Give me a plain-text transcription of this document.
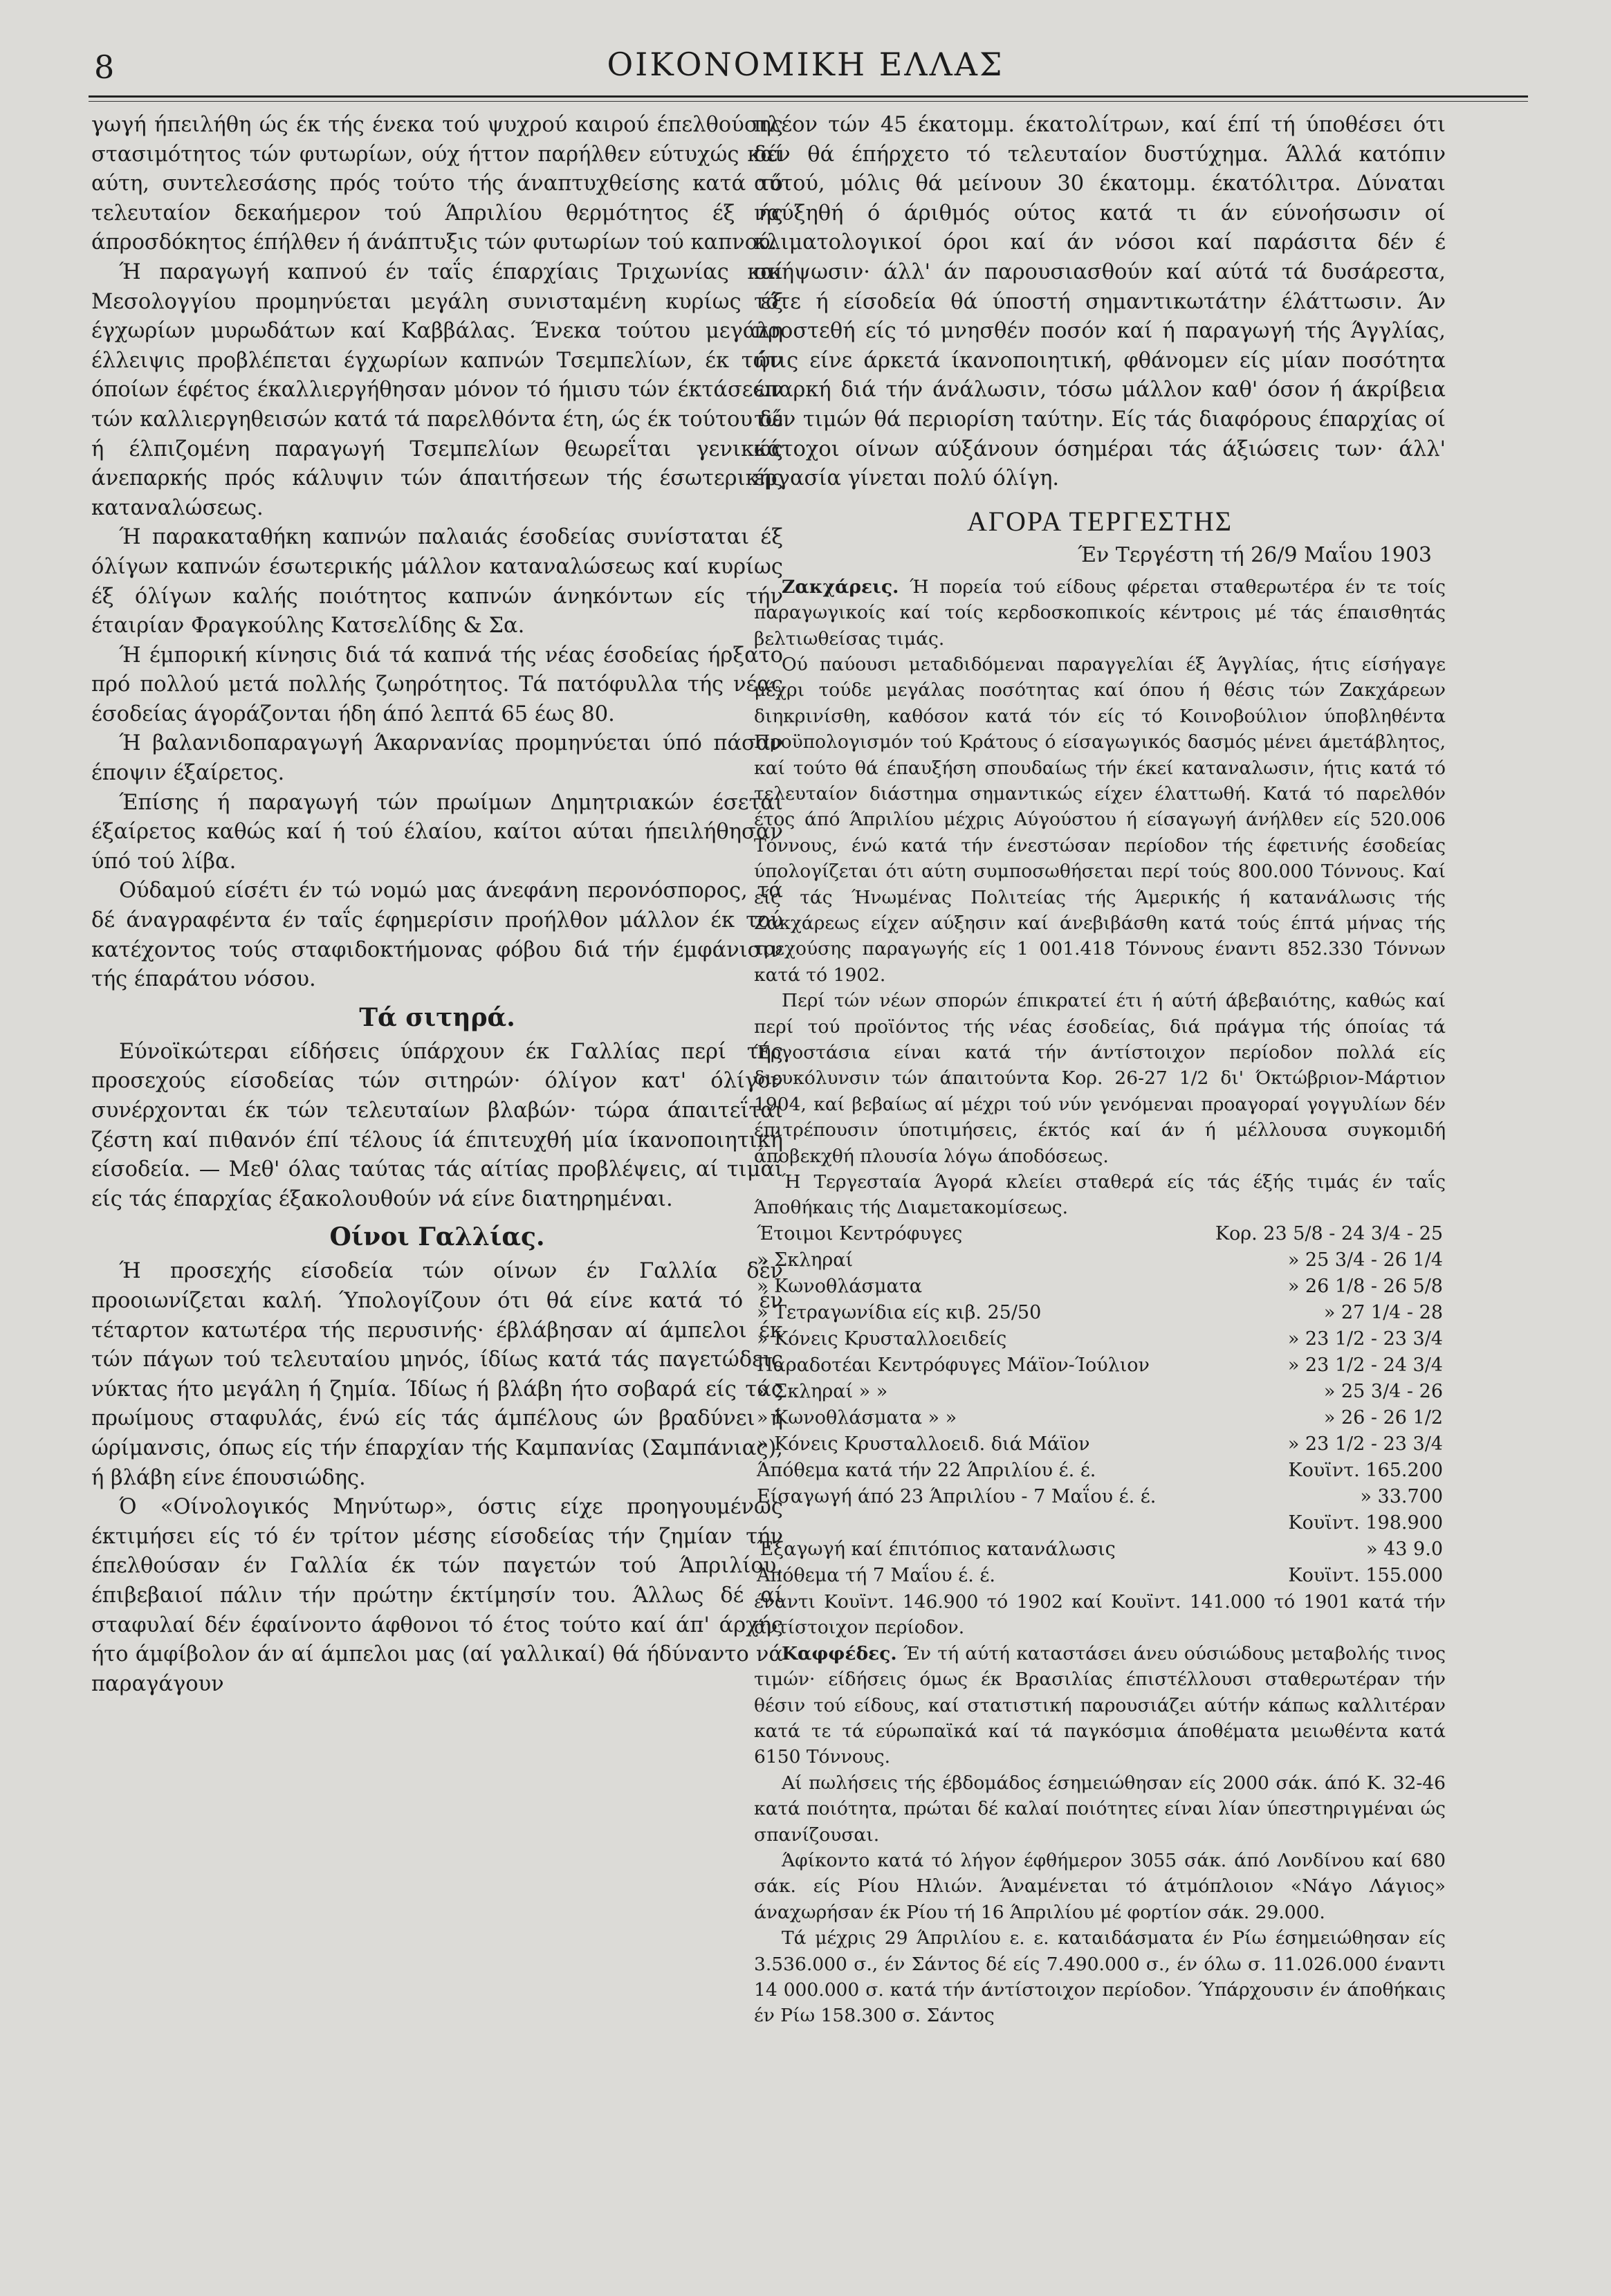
8	ΟΙΚΟΝΟΜΙΚΗ ΕΛΛΑΣ

γωγή ήπειλήθη ώς έκ τής ένεκα τού ψυχρού καιρού έπελθούσης στασιμότητος τών φυτωρίων, ούχ ήττον παρήλθεν εύτυχώς καί αύτη, συντελεσάσης πρός τούτο τής άναπτυχθείσης κατά τό τελευταίον δεκαήμερον τού Άπριλίου θερμότητος έξ ής άπροσδόκητος έπήλθεν ή άνάπτυξις τών φυτωρίων τού καπνού.

Ή παραγωγή καπνού έν ταΐς έπαρχίαις Τριχωνίας καί Μεσολογγίου προμηνύεται μεγάλη συνισταμένη κυρίως έξ έγχωρίων μυρωδάτων καί Καββάλας. Ένεκα τούτου μεγάλη έλλειψις προβλέπεται έγχωρίων καπνών Τσεμπελίων, έκ τών όποίων έφέτος έκαλλιεργήθησαν μόνον τό ήμισυ τών έκτάσεων τών καλλιεργηθεισών κατά τά παρελθόντα έτη, ώς έκ τούτου δέ ή έλπιζομένη παραγωγή Τσεμπελίων θεωρεΐται γενικώς άνεπαρκής πρός κάλυψιν τών άπαιτήσεων τής έσωτερικής καταναλώσεως.

Ή παρακαταθήκη καπνών παλαιάς έσοδείας συνίσταται έξ όλίγων καπνών έσωτερικής μάλλον καταναλώσεως καί κυρίως έξ όλίγων καλής ποιότητος καπνών άνηκόντων είς τήν έταιρίαν Φραγκούλης Κατσελίδης & Σα.

Ή έμπορική κίνησις διά τά καπνά τής νέας έσοδείας ήρξατο πρό πολλού μετά πολλής ζωηρότητος. Τά πατόφυλλα τής νέας έσοδείας άγοράζονται ήδη άπό λεπτά 65 έως 80.

Ή βαλανιδοπαραγωγή Άκαρνανίας προμηνύεται ύπό πάσαν έποψιν έξαίρετος.

Έπίσης ή παραγωγή τών πρωίμων Δημητριακών έσεται έξαίρετος καθώς καί ή τού έλαίου, καίτοι αύται ήπειλήθησαν ύπό τού λίβα.

Ούδαμού είσέτι έν τώ νομώ μας άνεφάνη περονόσπορος, τά δέ άναγραφέντα έν ταΐς έφημερίσιν προήλθον μάλλον έκ τού κατέχοντος τούς σταφιδοκτήμονας φόβου διά τήν έμφάνισιν τής έπαράτου νόσου.

Τά σιτηρά.

Εύνοϊκώτεραι είδήσεις ύπάρχουν έκ Γαλλίας περί τής προσεχούς είσοδείας τών σιτηρών· όλίγον κατ' όλίγον συνέρχονται έκ τών τελευταίων βλαβών· τώρα άπαιτεΐται ζέστη καί πιθανόν έπί τέλους ίά έπιτευχθή μία ίκανοποιητική είσοδεία. — Μεθ' όλας ταύτας τάς αίτίας προβλέψεις, αί τιμαί είς τάς έπαρχίας έξακολουθούν νά είνε διατηρημέναι.

Οίνοι Γαλλίας.

Ή προσεχής είσοδεία τών οίνων έν Γαλλία δέν προοιωνίζεται καλή. Ύπολογίζουν ότι θά είνε κατά τό έν τέταρτον κατωτέρα τής περυσινής· έβλάβησαν αί άμπελοι έκ τών πάγων τού τελευταίου μηνός, ίδίως κατά τάς παγετώδεις νύκτας ήτο μεγάλη ή ζημία. Ίδίως ή βλάβη ήτο σοβαρά είς τάς πρωίμους σταφυλάς, ένώ είς τάς άμπέλους ών βραδύνει ή ώρίμανσις, όπως είς τήν έπαρχίαν τής Καμπανίας (Σαμπάνιας), ή βλάβη είνε έπουσιώδης.

Ό «Οίνολογικός Μηνύτωρ», όστις είχε προηγουμένως έκτιμήσει είς τό έν τρίτον μέσης είσοδείας τήν ζημίαν τήν έπελθούσαν έν Γαλλία έκ τών παγετών τού Άπριλίου, έπιβεβαιοί πάλιν τήν πρώτην έκτίμησίν του. Άλλως δέ αί σταφυλαί δέν έφαίνοντο άφθονοι τό έτος τούτο καί άπ' άρχής ήτο άμφίβολον άν αί άμπελοι μας (αί γαλλικαί) θά ήδύναντο νά παραγάγουν

πλέον τών 45 έκατομμ. έκατολίτρων, καί έπί τή ύποθέσει ότι δέν θά έπήρχετο τό τελευταίον δυστύχημα. Άλλά κατόπιν αύτού, μόλις θά μείνουν 30 έκατομμ. έκατόλιτρα. Δύναται ναύξηθή ό άριθμός ούτος κατά τι άν εύνοήσωσιν οί κλιματολογικοί όροι καί άν νόσοι καί παράσιτα δέν έ σκήψωσιν· άλλ' άν παρουσιασθούν καί αύτά τά δυσάρεστα, τότε ή είσοδεία θά ύποστή σημαντικωτάτην έλάττωσιν. Άν προστεθή είς τό μνησθέν ποσόν καί ή παραγωγή τής Άγγλίας, ήτις είνε άρκετά ίκανοποιητική, φθάνομεν είς μίαν ποσότητα έπαρκή διά τήν άνάλωσιν, τόσω μάλλον καθ' όσον ή άκρίβεια τών τιμών θά περιορίση ταύτην. Είς τάς διαφόρους έπαρχίας οί κάτοχοι οίνων αύξάνουν όσημέραι τάς άξιώσεις των· άλλ' έργασία γίνεται πολύ όλίγη.

ΑΓΟΡΑ ΤΕΡΓΕΣΤΗΣ
Έν Τεργέστη τή 26/9 Μαΐου 1903

Ζακχάρεις. Ή πορεία τού είδους φέρεται σταθερωτέρα έν τε τοίς παραγωγικοίς καί τοίς κερδοσκοπικοίς κέντροις μέ τάς έπαισθητάς βελτιωθείσας τιμάς.

Ού παύουσι μεταδιδόμεναι παραγγελίαι έξ Άγγλίας, ήτις είσήγαγε μέχρι τούδε μεγάλας ποσότητας καί όπου ή θέσις τών Ζακχάρεων διηκρινίσθη, καθόσον κατά τόν είς τό Κοινοβούλιον ύποβληθέντα Προϋπολογισμόν τού Κράτους ό είσαγωγικός δασμός μένει άμετάβλητος, καί τούτο θά έπαυξήση σπουδαίως τήν έκεί καταναλωσιν, ήτις κατά τό τελευταίον διάστημα σημαντικώς είχεν έλαττωθή. Κατά τό παρελθόν έτος άπό Άπριλίου μέχρις Αύγούστου ή είσαγωγή άνήλθεν είς 520.006 Τόννους, ένώ κατά τήν ένεστώσαν περίοδον τής έφετινής έσοδείας ύπολογίζεται ότι αύτη συμποσωθήσεται περί τούς 800.000 Τόννους. Καί είς τάς Ήνωμένας Πολιτείας τής Άμερικής ή κατανάλωσις τής Ζακχάρεως είχεν αύξησιν καί άνεβιβάσθη κατά τούς έπτά μήνας τής τρεχούσης παραγωγής είς 1 001.418 Τόννους έναντι 852.330 Τόννων κατά τό 1902.

Περί τών νέων σπορών έπικρατεί έτι ή αύτή άβεβαιότης, καθώς καί περί τού προϊόντος τής νέας έσοδείας, διά πράγμα τής όποίας τά Έργοστάσια είναι κατά τήν άντίστοιχον περίοδον πολλά είς διευκόλυνσιν τών άπαιτούντα Κορ. 26-27 1/2 δι' Όκτώβριον-Μάρτιον 1904, καί βεβαίως αί μέχρι τού νύν γενόμεναι προαγοραί γογγυλίων δέν έπιτρέπουσιν ύποτιμήσεις, έκτός καί άν ή μέλλουσα συγκομιδή άποβεκχθή πλουσία λόγω άποδόσεως.

Ή Τεργεσταία Άγορά κλείει σταθερά είς τάς έξής τιμάς έν ταΐς Άποθήκαις τής Διαμετακομίσεως.

Έτοιμοι Κεντρόφυγες	Κορ. 23 5/8 - 24 3/4 - 25
» Σκληραί	» 25 3/4 - 26 1/4
» Κωνοθλάσματα	» 26 1/8 - 26 5/8
» Τετραγωνίδια είς κιβ. 25/50	» 27 1/4 - 28
» Κόνεις Κρυσταλλοειδείς	» 23 1/2 - 23 3/4
Παραδοτέαι Κεντρόφυγες Μάϊον-Ίούλιον	» 23 1/2 - 24 3/4
» Σκληραί » »	» 25 3/4 - 26
» Κωνοθλάσματα » »	» 26 - 26 1/2
» Κόνεις Κρυσταλλοειδ. διά Μάϊον	» 23 1/2 - 23 3/4
Άπόθεμα κατά τήν 22 Άπριλίου έ. έ.	Κουϊντ. 165.200
Είσαγωγή άπό 23 Άπριλίου - 7 Μαΐου έ. έ.	» 33.700
	Κουϊντ. 198.900
Έξαγωγή καί έπιτόπιος κατανάλωσις	» 43 9.0
Άπόθεμα τή 7 Μαΐου έ. έ.	Κουϊντ. 155.000

έναντι Κουϊντ. 146.900 τό 1902 καί Κουϊντ. 141.000 τό 1901 κατά τήν άντίστοιχον περίοδον.

Καφφέδες. Έν τή αύτή καταστάσει άνευ ούσιώδους μεταβολής τινος τιμών· είδήσεις όμως έκ Βρασιλίας έπιστέλλουσι σταθερωτέραν τήν θέσιν τού είδους, καί στατιστική παρουσιάζει αύτήν κάπως καλλιτέραν κατά τε τά εύρωπαϊκά καί τά παγκόσμια άποθέματα μειωθέντα κατά 6150 Τόννους.

Αί πωλήσεις τής έβδομάδος έσημειώθησαν είς 2000 σάκ. άπό Κ. 32-46 κατά ποιότητα, πρώται δέ καλαί ποιότητες είναι λίαν ύπεστηριγμέναι ώς σπανίζουσαι.

Άφίκοντο κατά τό λήγον έφθήμερον 3055 σάκ. άπό Λονδίνου καί 680 σάκ. είς Ρίου Ηλιών. Άναμένεται τό άτμόπλοιον «Νάγο Λάγιος» άναχωρήσαν έκ Ρίου τή 16 Άπριλίου μέ φορτίον σάκ. 29.000.

Τά μέχρις 29 Άπριλίου ε. ε. καταιδάσματα έν Ρίω έσημειώθησαν είς 3.536.000 σ., έν Σάντος δέ είς 7.490.000 σ., έν όλω σ. 11.026.000 έναντι 14 000.000 σ. κατά τήν άντίστοιχον περίοδον. Ύπάρχουσιν έν άποθήκαις έν Ρίω 158.300 σ. Σάντος
